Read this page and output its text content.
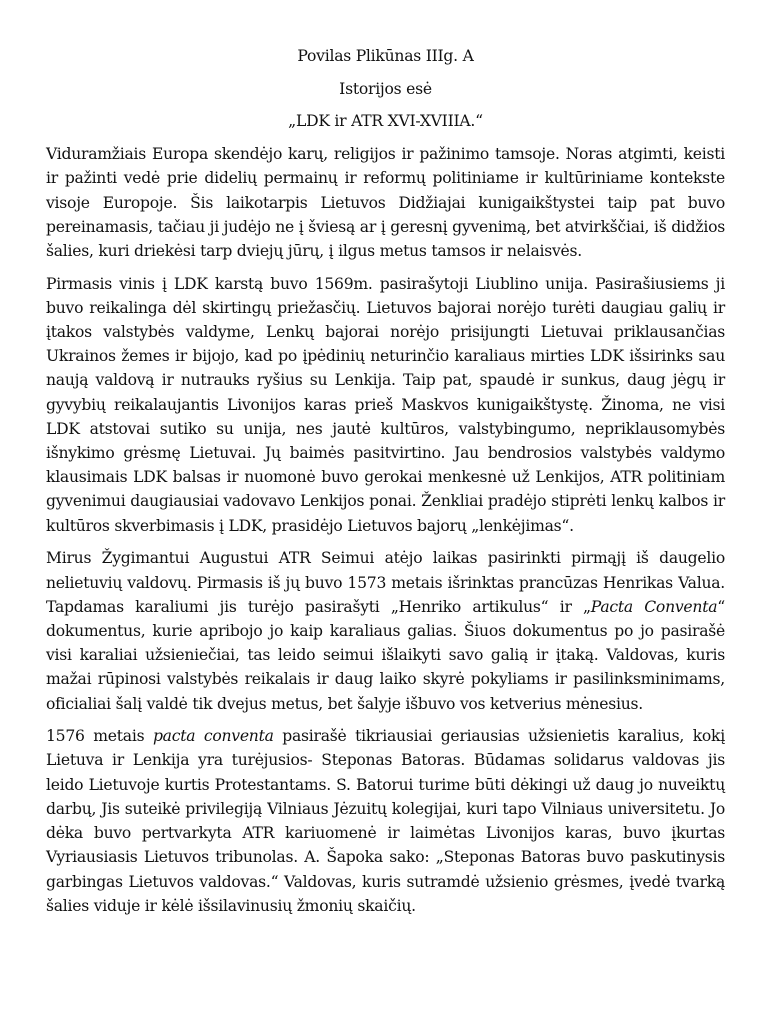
Povilas Plikūnas IIIg. A
Istorijos esė
„LDK ir ATR XVI-XVIIIA.“

Viduramžiais Europa skendėjo karų, religijos ir pažinimo tamsoje. Noras atgimti, keisti ir pažinti vedė prie didelių permainų ir reformų politiniame ir kultūriniame kontekste visoje Europoje. Šis laikotarpis Lietuvos Didžiajai kunigaikštystei taip pat buvo pereinamasis, tačiau ji judėjo ne į šviesą ar į geresnį gyvenimą, bet atvirkščiai, iš didžios šalies, kuri driekėsi tarp dviejų jūrų, į ilgus metus tamsos ir nelaisvės.

Pirmasis vinis į LDK karstą buvo 1569m. pasirašytoji Liublino unija. Pasirašiusiems ji buvo reikalinga dėl skirtingų priežasčių. Lietuvos bajorai norėjo turėti daugiau galių ir įtakos valstybės valdyme, Lenkų bajorai norėjo prisijungti Lietuvai priklausančias Ukrainos žemes ir bijojo, kad po įpėdinių neturinčio karaliaus mirties LDK išsirinks sau naują valdovą ir nutrauks ryšius su Lenkija. Taip pat, spaudė ir sunkus, daug jėgų ir gyvybių reikalaujantis Livonijos karas prieš Maskvos kunigaikštystę. Žinoma, ne visi LDK atstovai sutiko su unija, nes jautė kultūros, valstybingumo, nepriklausomybės išnykimo grėsmę Lietuvai. Jų baimės pasitvirtino. Jau bendrosios valstybės valdymo klausimais LDK balsas ir nuomonė buvo gerokai menkesnė už Lenkijos, ATR politiniam gyvenimui daugiausiai vadovavo Lenkijos ponai. Ženkliai pradėjo stiprėti lenkų kalbos ir kultūros skverbimasis į LDK, prasidėjo Lietuvos bajorų „lenkėjimas“.

Mirus Žygimantui Augustui ATR Seimui atėjo laikas pasirinkti pirmąjį iš daugelio nelietuvių valdovų. Pirmasis iš jų buvo 1573 metais išrinktas prancūzas Henrikas Valua. Tapdamas karaliumi jis turėjo pasirašyti „Henriko artikulus“ ir „Pacta Conventa“ dokumentus, kurie apribojo jo kaip karaliaus galias. Šiuos dokumentus po jo pasirašė visi karaliai užsieniečiai, tas leido seimui išlaikyti savo galią ir įtaką. Valdovas, kuris mažai rūpinosi valstybės reikalais ir daug laiko skyrė pokyliams ir pasilinksminimams, oficialiai šalį valdė tik dvejus metus, bet šalyje išbuvo vos ketverius mėnesius.

1576 metais pacta conventa pasirašė tikriausiai geriausias užsienietis karalius, kokį Lietuva ir Lenkija yra turėjusios- Steponas Batoras. Būdamas solidarus valdovas jis leido Lietuvoje kurtis Protestantams. S. Batorui turime būti dėkingi už daug jo nuveiktų darbų, Jis suteikė privilegiją Vilniaus Jėzuitų kolegijai, kuri tapo Vilniaus universitetu. Jo dėka buvo pertvarkyta ATR kariuomenė ir laimėtas Livonijos karas, buvo įkurtas Vyriausiasis Lietuvos tribunolas. A. Šapoka sako: „Steponas Batoras buvo paskutinysis garbingas Lietuvos valdovas.“ Valdovas, kuris sutramdė užsienio grėsmes, įvedė tvarką šalies viduje ir kėlė išsilavinusių žmonių skaičių.
